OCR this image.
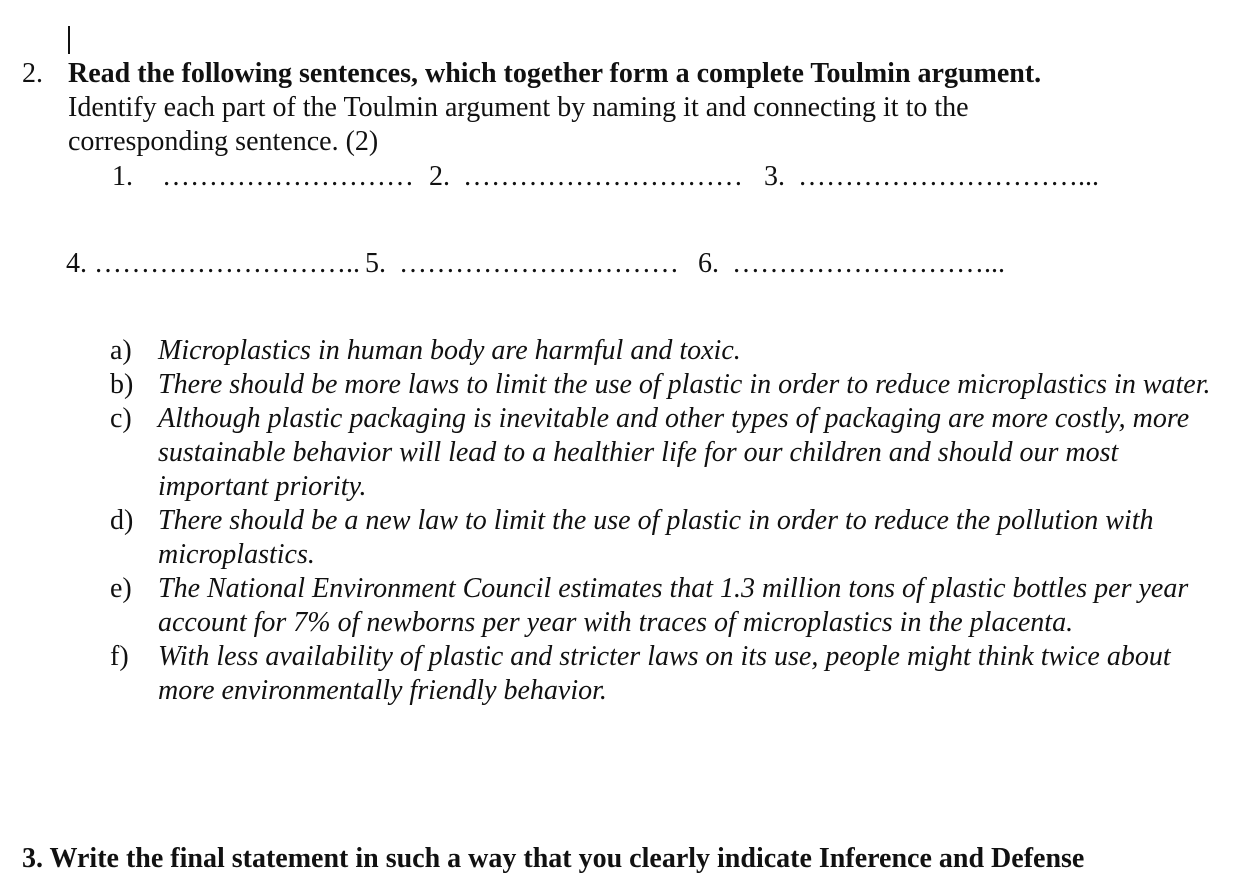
2. Read the following sentences, which together form a complete Toulmin argument.
Identify each part of the Toulmin argument by naming it and connecting it to the
corresponding sentence. (2)
1. ……………………… 2. ………………………… 3. …………………………...
4. ……………………….. 5. ………………………… 6. ………………………...
a) Microplastics in human body are harmful and toxic.
b) There should be more laws to limit the use of plastic in order to reduce microplastics in water.
c) Although plastic packaging is inevitable and other types of packaging are more costly, more sustainable behavior will lead to a healthier life for our children and should our most important priority.
d) There should be a new law to limit the use of plastic in order to reduce the pollution with microplastics.
e) The National Environment Council estimates that 1.3 million tons of plastic bottles per year account for 7% of newborns per year with traces of microplastics in the placenta.
f) With less availability of plastic and stricter laws on its use, people might think twice about more environmentally friendly behavior.
3. Write the final statement in such a way that you clearly indicate Inference and Defense
